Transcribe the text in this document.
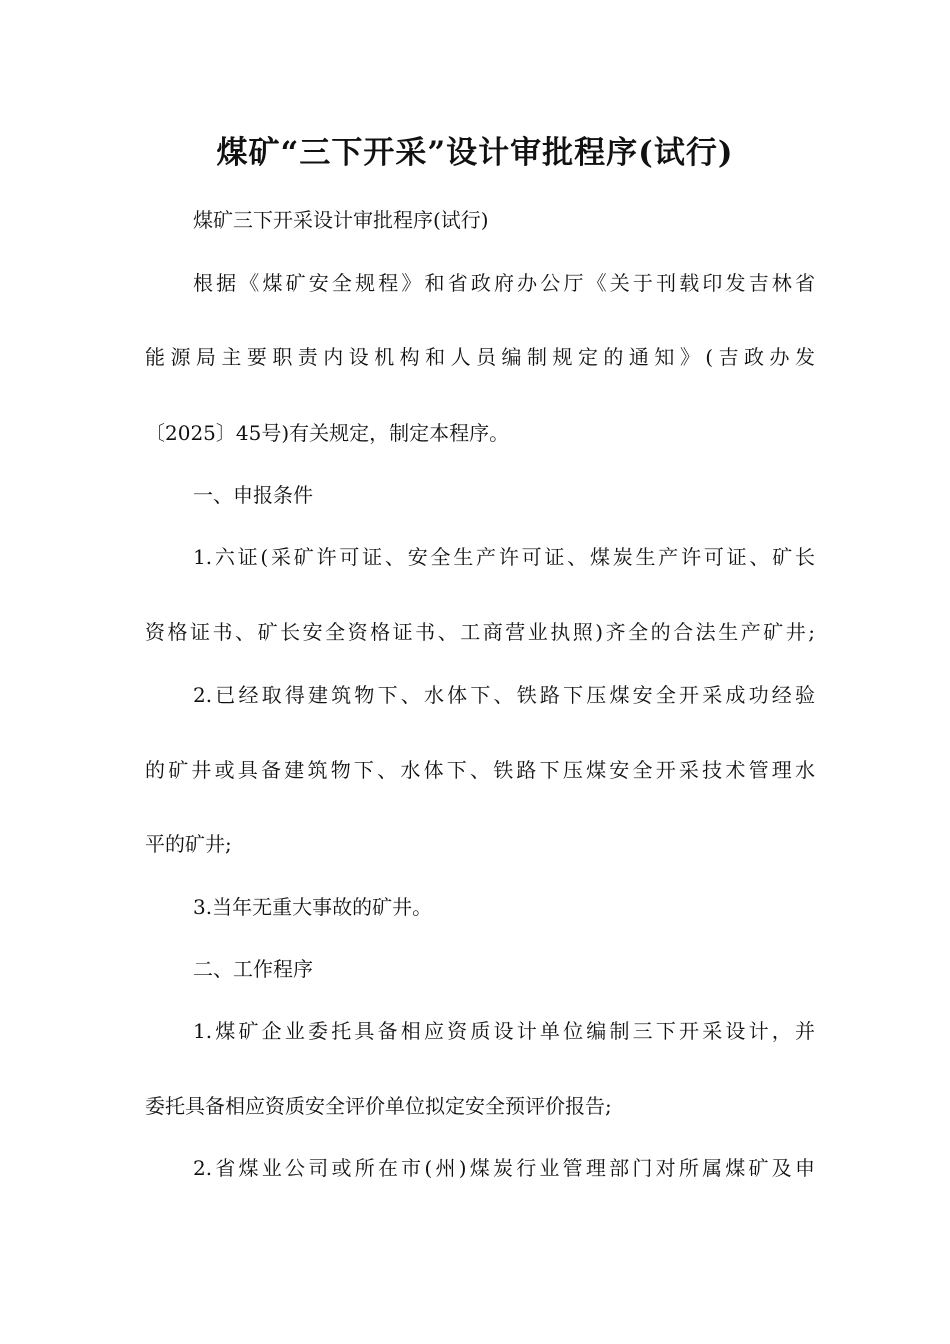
煤矿“三下开采”设计审批程序(试行)
煤矿三下开采设计审批程序(试行)
根据《煤矿安全规程》和省政府办公厅《关于刊载印发吉林省
能源局主要职责内设机构和人员编制规定的通知》(吉政办发
〔2025〕45号)有关规定，制定本程序。
一、申报条件
1.六证(采矿许可证、安全生产许可证、煤炭生产许可证、矿长
资格证书、矿长安全资格证书、工商营业执照)齐全的合法生产矿井;
2.已经取得建筑物下、水体下、铁路下压煤安全开采成功经验
的矿井或具备建筑物下、水体下、铁路下压煤安全开采技术管理水
平的矿井;
3.当年无重大事故的矿井。
二、工作程序
1.煤矿企业委托具备相应资质设计单位编制三下开采设计，并
委托具备相应资质安全评价单位拟定安全预评价报告;
2.省煤业公司或所在市(州)煤炭行业管理部门对所属煤矿及申
